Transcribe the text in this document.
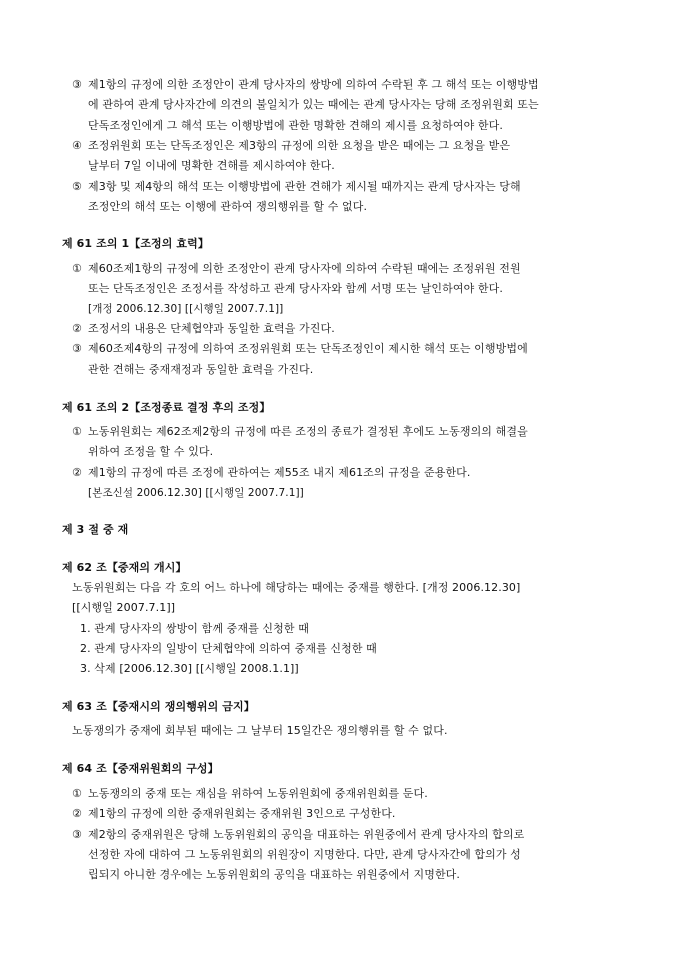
③ 제1항의 규정에 의한 조정안이 관계 당사자의 쌍방에 의하여 수락된 후 그 해석 또는 이행방법
에 관하여 관계 당사자간에 의견의 불일치가 있는 때에는 관계 당사자는 당해 조정위원회 또는
단독조정인에게 그 해석 또는 이행방법에 관한 명확한 견해의 제시를 요청하여야 한다.
④ 조정위원회 또는 단독조정인은 제3항의 규정에 의한 요청을 받은 때에는 그 요청을 받은
날부터 7일 이내에 명확한 견해를 제시하여야 한다.
⑤ 제3항 및 제4항의 해석 또는 이행방법에 관한 견해가 제시될 때까지는 관계 당사자는 당해
조정안의 해석 또는 이행에 관하여 쟁의행위를 할 수 없다.
제 61 조의 1【조정의 효력】
① 제60조제1항의 규정에 의한 조정안이 관계 당사자에 의하여 수락된 때에는 조정위원 전원
또는 단독조정인은 조정서를 작성하고 관계 당사자와 함께 서명 또는 날인하여야 한다.
[개정 2006.12.30] [[시행일 2007.7.1]]
② 조정서의 내용은 단체협약과 동일한 효력을 가진다.
③ 제60조제4항의 규정에 의하여 조정위원회 또는 단독조정인이 제시한 해석 또는 이행방법에
관한 견해는 중재재정과 동일한 효력을 가진다.
제 61 조의 2【조정종료 결정 후의 조정】
① 노동위원회는 제62조제2항의 규정에 따른 조정의 종료가 결정된 후에도 노동쟁의의 해결을
위하여 조정을 할 수 있다.
② 제1항의 규정에 따른 조정에 관하여는 제55조 내지 제61조의 규정을 준용한다.
[본조신설 2006.12.30] [[시행일 2007.7.1]]
제 3 절 중 재
제 62 조【중재의 개시】
노동위원회는 다음 각 호의 어느 하나에 해당하는 때에는 중재를 행한다. [개정 2006.12.30]
[[시행일 2007.7.1]]
1. 관계 당사자의 쌍방이 함께 중재를 신청한 때
2. 관계 당사자의 일방이 단체협약에 의하여 중재를 신청한 때
3. 삭제 [2006.12.30] [[시행일 2008.1.1]]
제 63 조【중재시의 쟁의행위의 금지】
노동쟁의가 중재에 회부된 때에는 그 날부터 15일간은 쟁의행위를 할 수 없다.
제 64 조【중재위원회의 구성】
① 노동쟁의의 중재 또는 재심을 위하여 노동위원회에 중재위원회를 둔다.
② 제1항의 규정에 의한 중재위원회는 중재위원 3인으로 구성한다.
③ 제2항의 중재위원은 당해 노동위원회의 공익을 대표하는 위원중에서 관계 당사자의 합의로
선정한 자에 대하여 그 노동위원회의 위원장이 지명한다. 다만, 관계 당사자간에 합의가 성
립되지 아니한 경우에는 노동위원회의 공익을 대표하는 위원중에서 지명한다.
